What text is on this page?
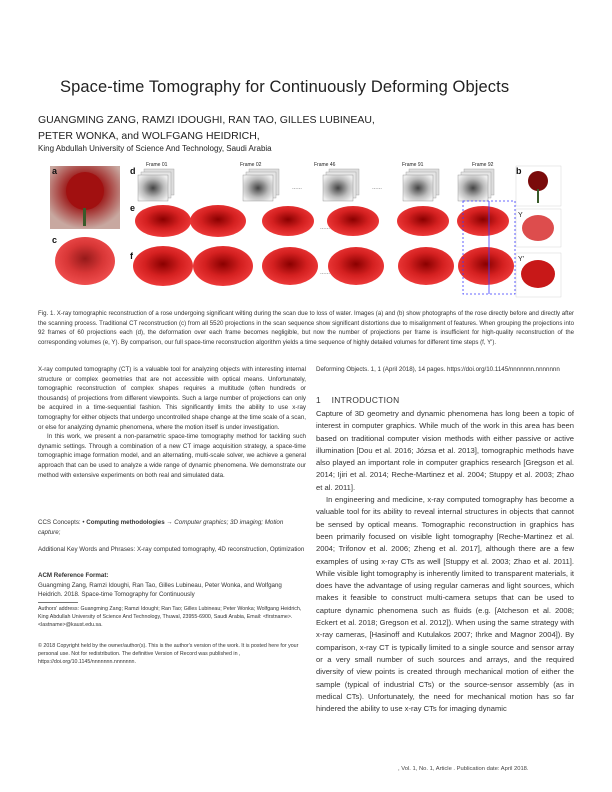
Space-time Tomography for Continuously Deforming Objects
GUANGMING ZANG, RAMZI IDOUGHI, RAN TAO, GILLES LUBINEAU,
PETER WONKA, and WOLFGANG HEIDRICH,
King Abdullah University of Science And Technology, Saudi Arabia
Frame 01	Frame 02	Frame 46	Frame 91	Frame 92
……	……
……
……
a	b
c
d
e
f
Y
Y'
Fig. 1. X-ray tomographic reconstruction of a rose undergoing significant wilting during the scan due to loss of water. Images (a) and (b) show photographs of the rose directly before and directly after the scanning process. Traditional CT reconstruction (c) from all 5520 projections in the scan sequence show significant distortions due to misalignment of features. When grouping the projections into 92 frames of 60 projections each (d), the deformation over each frame becomes negligible, but now the number of projections per frame is insufficient for high-quality reconstruction of the corresponding volumes (e, Y). By comparison, our full space-time reconstruction algorithm yields a time sequence of highly detailed volumes for different time steps (f, Y').

X-ray computed tomography (CT) is a valuable tool for analyzing objects with interesting internal structure or complex geometries that are not accessible with optical means. Unfortunately, tomographic reconstruction of complex shapes requires a multitude (often hundreds or thousands) of projections from different viewpoints. Such a large number of projections can only be acquired in a time-sequential fashion. This significantly limits the ability to use x-ray tomography for either objects that undergo uncontrolled shape change at the time scale of a scan, or else for analyzing dynamic phenomena, where the motion itself is under investigation.

In this work, we present a non-parametric space-time tomography method for tackling such dynamic settings. Through a combination of a new CT image acquisition strategy, a space-time tomographic image formation model, and an alternating, multi-scale solver, we achieve a general approach that can be used to analyze a wide range of dynamic phenomena. We demonstrate our method with extensive experiments on both real and simulated data.

CCS Concepts: • Computing methodologies → Computer graphics; 3D imaging; Motion capture;
Additional Key Words and Phrases: X-ray computed tomography, 4D reconstruction, Optimization
ACM Reference Format:
Guangming Zang, Ramzi Idoughi, Ran Tao, Gilles Lubineau, Peter Wonka, and Wolfgang Heidrich. 2018. Space-time Tomography for Continuously
Authors' address: Guangming Zang; Ramzi Idoughi; Ran Tao; Gilles Lubineau; Peter Wonka; Wolfgang Heidrich, King Abdullah University of Science And Technology, Thuwal, 23955-6900, Saudi Arabia, Email: <firstname>.<lastname>@kaust.edu.sa.
© 2018 Copyright held by the owner/author(s). This is the author's version of the work. It is posted here for your personal use. Not for redistribution. The definitive Version of Record was published in , https://doi.org/10.1145/nnnnnnn.nnnnnnn.
Deforming Objects. 1, 1 (April 2018), 14 pages. https://doi.org/10.1145/nnnnnnn.nnnnnnn
1 INTRODUCTION

Capture of 3D geometry and dynamic phenomena has long been a topic of interest in computer graphics. While much of the work in this area has been based on traditional computer vision methods with either passive or active illumination [Dou et al. 2016; Józsa et al. 2013], tomographic methods have also played an important role in computer graphics research [Gregson et al. 2014; Ijiri et al. 2014; Reche-Martinez et al. 2004; Stuppy et al. 2003; Zhao et al. 2011].

In engineering and medicine, x-ray computed tomography has become a valuable tool for its ability to reveal internal structures in objects that cannot be sensed by optical means. Tomographic reconstruction in graphics has been primarily focused on visible light tomography [Reche-Martinez et al. 2004; Trifonov et al. 2006; Zheng et al. 2017], although there are a few examples of using x-ray CTs as well [Stuppy et al. 2003; Zhao et al. 2011]. While visible light tomography is inherently limited to transparent materials, it does have the advantage of using regular cameras and light sources, which makes it feasible to construct multi-camera setups that can be used to capture dynamic phenomena such as fluids (e.g. [Atcheson et al. 2008; Eckert et al. 2018; Gregson et al. 2012]). When using the same strategy with x-ray cameras, [Hasinoff and Kutulakos 2007; Ihrke and Magnor 2004]). By comparison, x-ray CT is typically limited to a single source and sensor array or a very small number of such sources and arrays, and the required diversity of view points is created through mechanical motion of either the sample (typical of industrial CTs) or the source-sensor assembly (as in medical CTs). Unfortunately, the need for mechanical motion has so far hindered the ability to use x-ray CTs for imaging dynamic

, Vol. 1, No. 1, Article . Publication date: April 2018.
